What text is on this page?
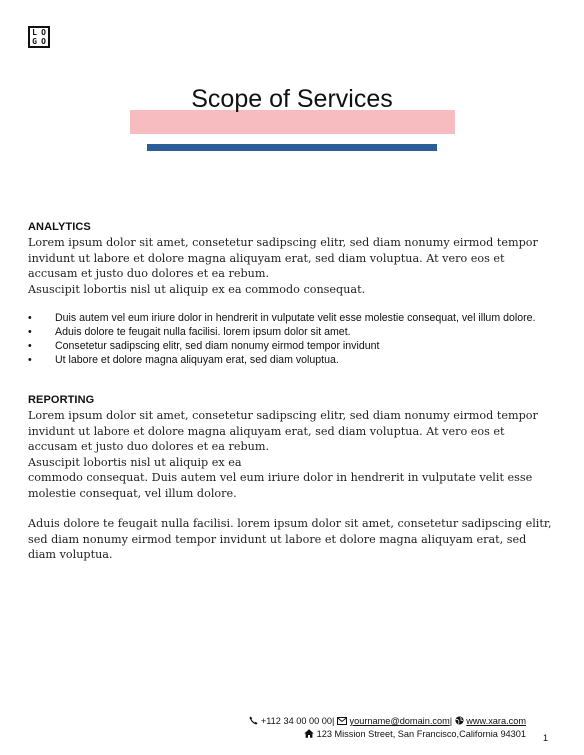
L O
G O
Scope of Services
ANALYTICS

Lorem ipsum dolor sit amet, consetetur sadipscing elitr, sed diam nonumy eirmod tempor invidunt ut labore et dolore magna aliquyam erat, sed diam voluptua. At vero eos et accusam et justo duo dolores et ea rebum.

Asuscipit lobortis nisl ut aliquip ex ea commodo consequat.

• Duis autem vel eum iriure dolor in hendrerit in vulputate velit esse molestie consequat, vel illum dolore.
• Aduis dolore te feugait nulla facilisi. lorem ipsum dolor sit amet.
• Consetetur sadipscing elitr, sed diam nonumy eirmod tempor invidunt
• Ut labore et dolore magna aliquyam erat, sed diam voluptua.
REPORTING

Lorem ipsum dolor sit amet, consetetur sadipscing elitr, sed diam nonumy eirmod tempor invidunt ut labore et dolore magna aliquyam erat, sed diam voluptua. At vero eos et accusam et justo duo dolores et ea rebum.

Asuscipit lobortis nisl ut aliquip ex ea

commodo consequat. Duis autem vel eum iriure dolor in hendrerit in vulputate velit esse molestie consequat, vel illum dolore.

Aduis dolore te feugait nulla facilisi. lorem ipsum dolor sit amet, consetetur sadipscing elitr, sed diam nonumy eirmod tempor invidunt ut labore et dolore magna aliquyam erat, sed diam voluptua.

+112 34 00 00 00| yourname@domain.com| www.xara.com
123 Mission Street, San Francisco,California 94301 1
